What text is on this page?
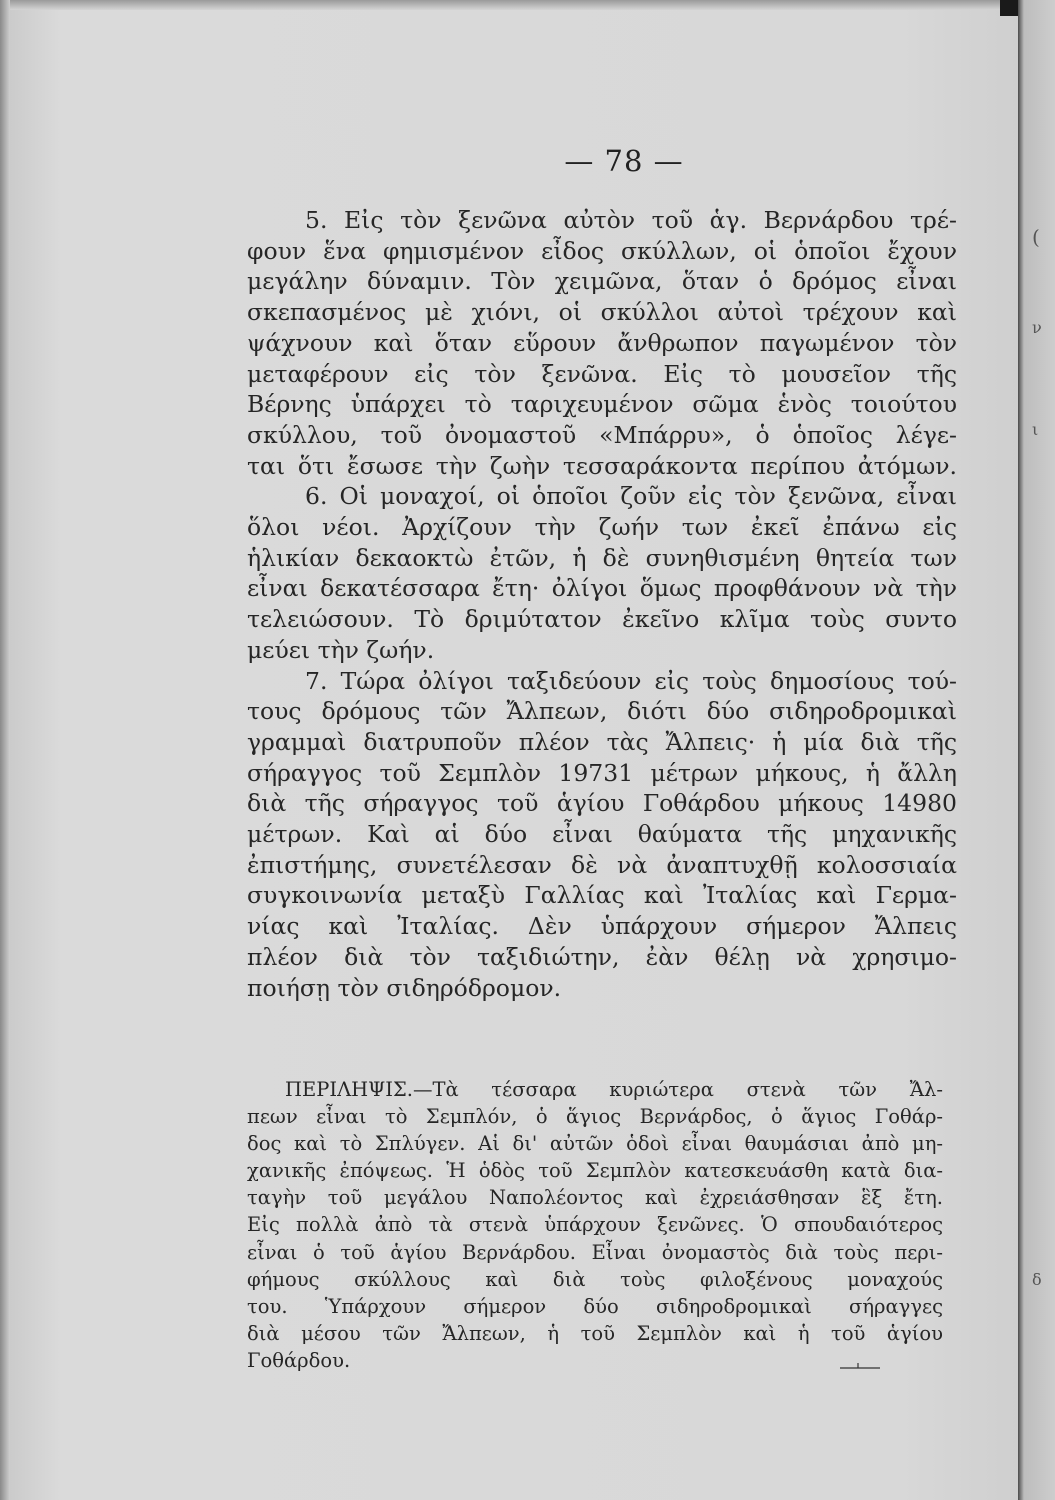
— 78 —
5. Εἰς τὸν ξενῶνα αὐτὸν τοῦ ἁγ. Βερνάρδου τρέ-
φουν ἕνα φημισμένον εἶδος σκύλλων, οἱ ὁποῖοι ἔχουν
μεγάλην δύναμιν. Τὸν χειμῶνα, ὅταν ὁ δρόμος εἶναι
σκεπασμένος μὲ χιόνι, οἱ σκύλλοι αὐτοὶ τρέχουν καὶ
ψάχνουν καὶ ὅταν εὕρουν ἄνθρωπον παγωμένον τὸν
μεταφέρουν εἰς τὸν ξενῶνα. Εἰς τὸ μουσεῖον τῆς
Βέρνης ὑπάρχει τὸ ταριχευμένον σῶμα ἑνὸς τοιούτου
σκύλλου, τοῦ ὀνομαστοῦ «Μπάρρυ», ὁ ὁποῖος λέγε-
ται ὅτι ἔσωσε τὴν ζωὴν τεσσαράκοντα περίπου ἀτόμων.
6. Οἱ μοναχοί, οἱ ὁποῖοι ζοῦν εἰς τὸν ξενῶνα, εἶναι
ὅλοι νέοι. Ἀρχίζουν τὴν ζωήν των ἐκεῖ ἐπάνω εἰς
ἡλικίαν δεκαοκτὼ ἐτῶν, ἡ δὲ συνηθισμένη θητεία των
εἶναι δεκατέσσαρα ἔτη· ὀλίγοι ὅμως προφθάνουν νὰ τὴν
τελειώσουν. Τὸ δριμύτατον ἐκεῖνο κλῖμα τοὺς συντο
μεύει τὴν ζωήν.
7. Τώρα ὀλίγοι ταξιδεύουν εἰς τοὺς δημοσίους τού-
τους δρόμους τῶν Ἄλπεων, διότι δύο σιδηροδρομικαὶ
γραμμαὶ διατρυποῦν πλέον τὰς Ἄλπεις· ἡ μία διὰ τῆς
σήραγγος τοῦ Σεμπλὸν 19731 μέτρων μήκους, ἡ ἄλλη
διὰ τῆς σήραγγος τοῦ ἁγίου Γοθάρδου μήκους 14980
μέτρων. Καὶ αἱ δύο εἶναι θαύματα τῆς μηχανικῆς
ἐπιστήμης, συνετέλεσαν δὲ νὰ ἀναπτυχθῇ κολοσσιαία
συγκοινωνία μεταξὺ Γαλλίας καὶ Ἰταλίας καὶ Γερμα-
νίας καὶ Ἰταλίας. Δὲν ὑπάρχουν σήμερον Ἄλπεις
πλέον διὰ τὸν ταξιδιώτην, ἐὰν θέλῃ νὰ χρησιμο-
ποιήσῃ τὸν σιδηρόδρομον.
ΠΕΡΙΛΗΨΙΣ.—Τὰ τέσσαρα κυριώτερα στενὰ τῶν Ἄλ-
πεων εἶναι τὸ Σεμπλόν, ὁ ἅγιος Βερνάρδος, ὁ ἅγιος Γοθάρ-
δος καὶ τὸ Σπλύγεν. Αἱ δι' αὐτῶν ὁδοὶ εἶναι θαυμάσιαι ἀπὸ μη-
χανικῆς ἐπόψεως. Ἡ ὁδὸς τοῦ Σεμπλὸν κατεσκευάσθη κατὰ δια-
ταγὴν τοῦ μεγάλου Ναπολέοντος καὶ ἐχρειάσθησαν ἓξ ἔτη.
Εἰς πολλὰ ἀπὸ τὰ στενὰ ὑπάρχουν ξενῶνες. Ὁ σπουδαιότερος
εἶναι ὁ τοῦ ἁγίου Βερνάρδου. Εἶναι ὀνομαστὸς διὰ τοὺς περι-
φήμους σκύλλους καὶ διὰ τοὺς φιλοξένους μοναχούς
του. Ὑπάρχουν σήμερον δύο σιδηροδρομικαὶ σήραγγες
διὰ μέσου τῶν Ἄλπεων, ἡ τοῦ Σεμπλὸν καὶ ἡ τοῦ ἁγίου
Γοθάρδου.
(
ν
ι
δ
